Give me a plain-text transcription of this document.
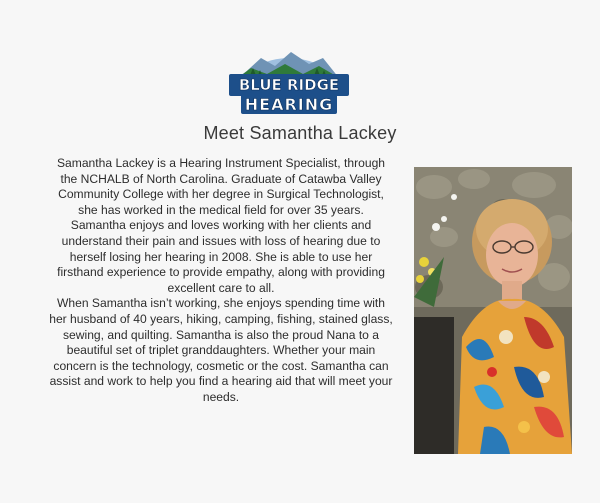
BLUE RIDGE
HEARING
Meet Samantha Lackey

Samantha Lackey is a Hearing Instrument Specialist, through the NCHALB of North Carolina. Graduate of Catawba Valley Community College with her degree in Surgical Technologist, she has worked in the medical field for over 35 years.

Samantha enjoys and loves working with her clients and understand their pain and issues with loss of hearing due to herself losing her hearing in 2008. She is able to use her firsthand experience to provide empathy, along with providing excellent care to all.

When Samantha isn’t working, she enjoys spending time with her husband of 40 years, hiking, camping, fishing, stained glass, sewing, and quilting. Samantha is also the proud Nana to a beautiful set of triplet granddaughters. Whether your main concern is the technology, cosmetic or the cost. Samantha can assist and work to help you find a hearing aid that will meet your needs.
